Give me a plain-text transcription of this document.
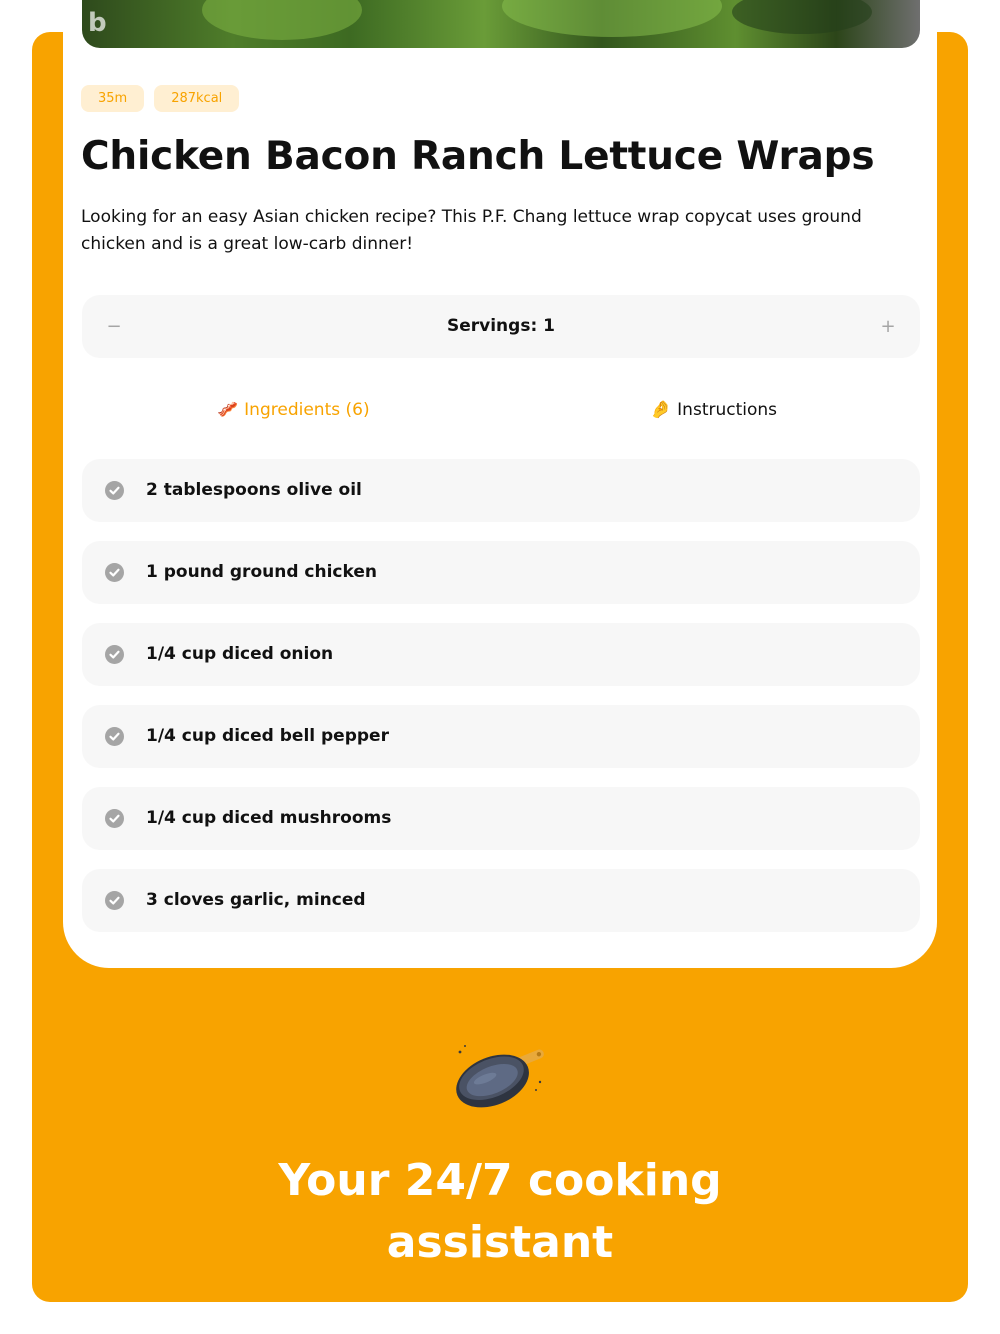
b
35m	287kcal
Chicken Bacon Ranch Lettuce Wraps

Looking for an easy Asian chicken recipe? This P.F. Chang lettuce wrap copycat uses ground chicken and is a great low-carb dinner!

−	Servings: 1	+
🥓 Ingredients (6)	🤌 Instructions
2 tablespoons olive oil
1 pound ground chicken
1/4 cup diced onion
1/4 cup diced bell pepper
1/4 cup diced mushrooms
3 cloves garlic, minced
Your 24/7 cooking
assistant
